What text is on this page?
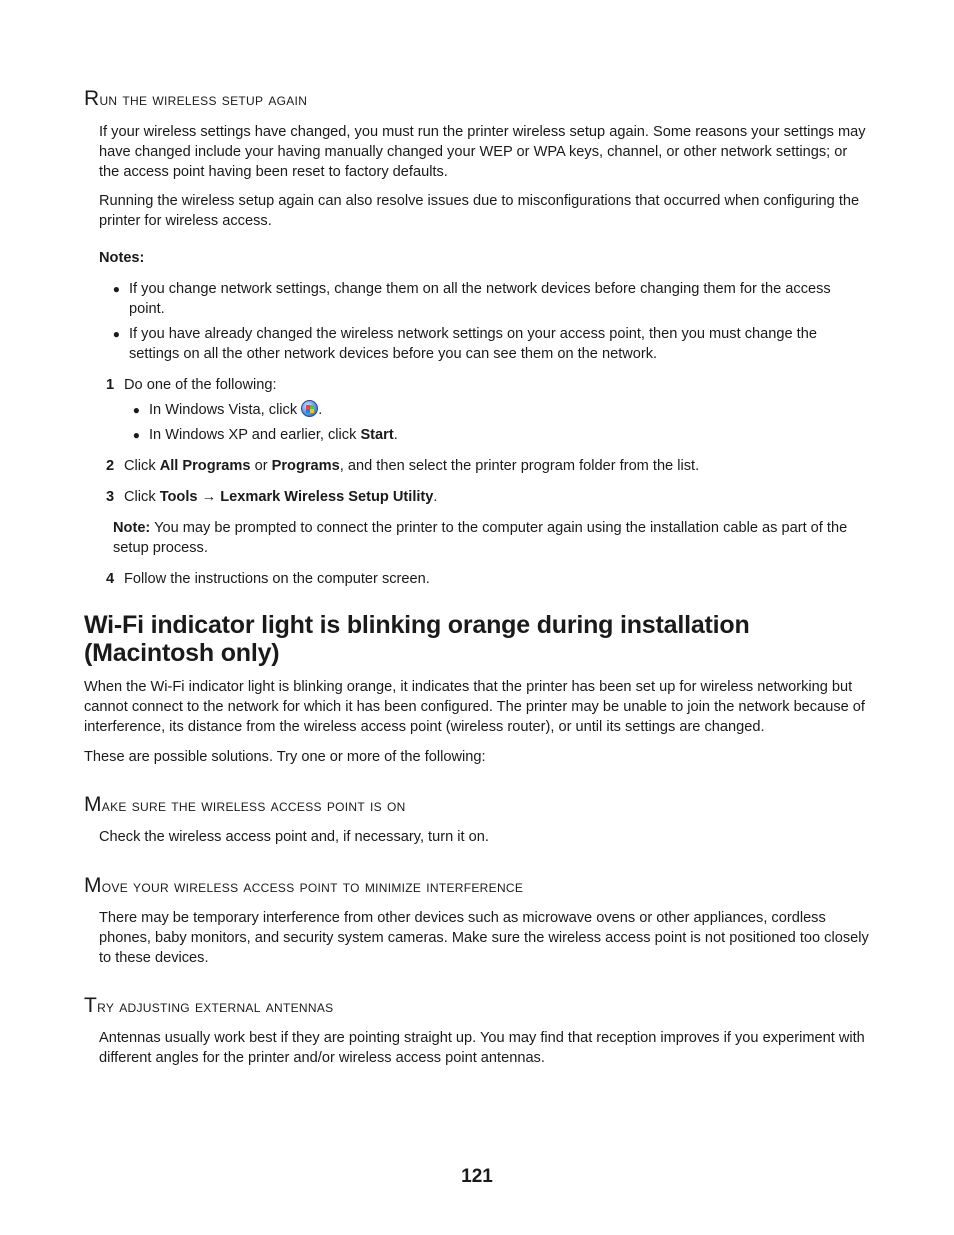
Run the wireless setup again

If your wireless settings have changed, you must run the printer wireless setup again. Some reasons your settings may have changed include your having manually changed your WEP or WPA keys, channel, or other network settings; or the access point having been reset to factory defaults.

Running the wireless setup again can also resolve issues due to misconfigurations that occurred when configuring the printer for wireless access.

Notes:
● If you change network settings, change them on all the network devices before changing them for the access point.
● If you have already changed the wireless network settings on your access point, then you must change the settings on all the other network devices before you can see them on the network.
1 Do one of the following:
● In Windows Vista, click .
● In Windows XP and earlier, click Start.
2 Click All Programs or Programs, and then select the printer program folder from the list.
3 Click Tools → Lexmark Wireless Setup Utility.

Note: You may be prompted to connect the printer to the computer again using the installation cable as part of the setup process.

4 Follow the instructions on the computer screen.
Wi-Fi indicator light is blinking orange during installation
(Macintosh only)

When the Wi-Fi indicator light is blinking orange, it indicates that the printer has been set up for wireless networking but cannot connect to the network for which it has been configured. The printer may be unable to join the network because of interference, its distance from the wireless access point (wireless router), or until its settings are changed.

These are possible solutions. Try one or more of the following:

Make sure the wireless access point is on

Check the wireless access point and, if necessary, turn it on.

Move your wireless access point to minimize interference

There may be temporary interference from other devices such as microwave ovens or other appliances, cordless phones, baby monitors, and security system cameras. Make sure the wireless access point is not positioned too closely to these devices.

Try adjusting external antennas

Antennas usually work best if they are pointing straight up. You may find that reception improves if you experiment with different angles for the printer and/or wireless access point antennas.

121
